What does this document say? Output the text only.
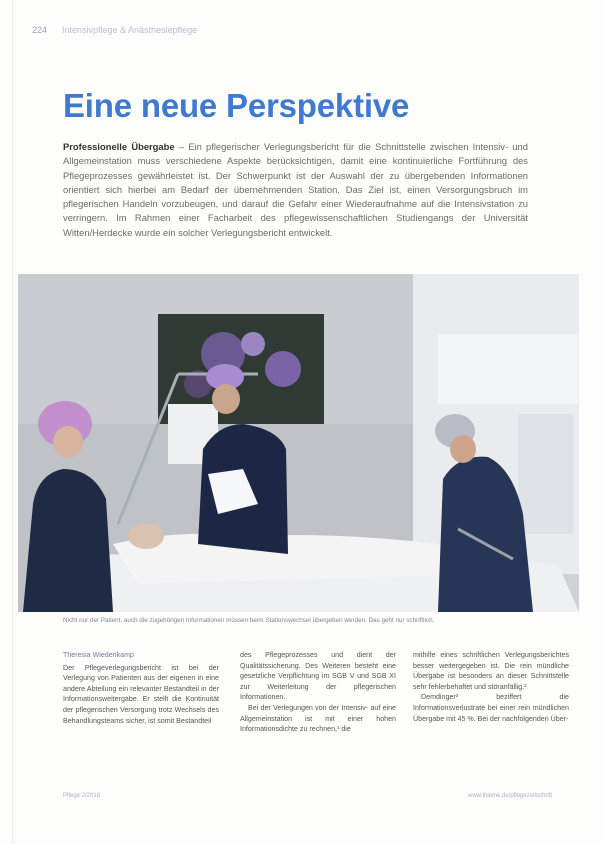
224 Intensivpflege & Anästhesiepflege
Eine neue Perspektive
Professionelle Übergabe – Ein pflegerischer Verlegungsbericht für die Schnittstelle zwischen Intensiv- und Allgemeinstation muss verschiedene Aspekte berücksichtigen, damit eine kontinuierliche Fortführung des Pflegeprozesses gewährleistet ist. Der Schwerpunkt ist der Auswahl der zu übergebenden Informationen orientiert sich hierbei am Bedarf der übernehmenden Station. Das Ziel ist, einen Versorgungsbruch im pflegerischen Handeln vorzubeugen, und darauf die Gefahr einer Wiederaufnahme auf die Intensivstation zu verringern. Im Rahmen einer Facharbeit des pflegewissenschaftlichen Studiengangs der Universität Witten/Herdecke wurde ein solcher Verlegungsbericht entwickelt.
Nicht nur der Patient, auch die zugehörigen Informationen müssen beim Stationswechsel übergeben werden. Das geht nur schriftlich.

Theresia Wiedenkamp

Der Pflegeverlegungsbericht ist bei der Verlegung von Patienten aus der eigenen in eine andere Abteilung ein relevanter Bestandteil in der Informationsweitergabe. Er stellt die Kontinuität der pflegerischen Versorgung trotz Wechsels des Behandlungsteams sicher, ist somit Bestandteil

des Pflegeprozesses und dient der Qualitätssicherung. Des Weiteren besteht eine gesetzliche Verpflichtung im SGB V und SGB XI zur Weiterleitung der pflegerischen Informationen.

Bei der Verlegungen von der Intensiv- auf eine Allgemeinstation ist mit einer hohen Informationsdichte zu rechnen,¹ die

mithilfe eines schriftlichen Verlegungsberichtes besser weitergegeben ist. Die rein mündliche Übergabe ist besonders an dieser Schnittstelle sehr fehlerbehaftet und störanfällig.²

Demdinger³ beziffert die Informationsverlustrate bei einer rein mündlichen Übergabe mit 45 %. Bei der nachfolgenden Über-

Pflege 2/2018	www.thieme.de/pflegezeitschrift
